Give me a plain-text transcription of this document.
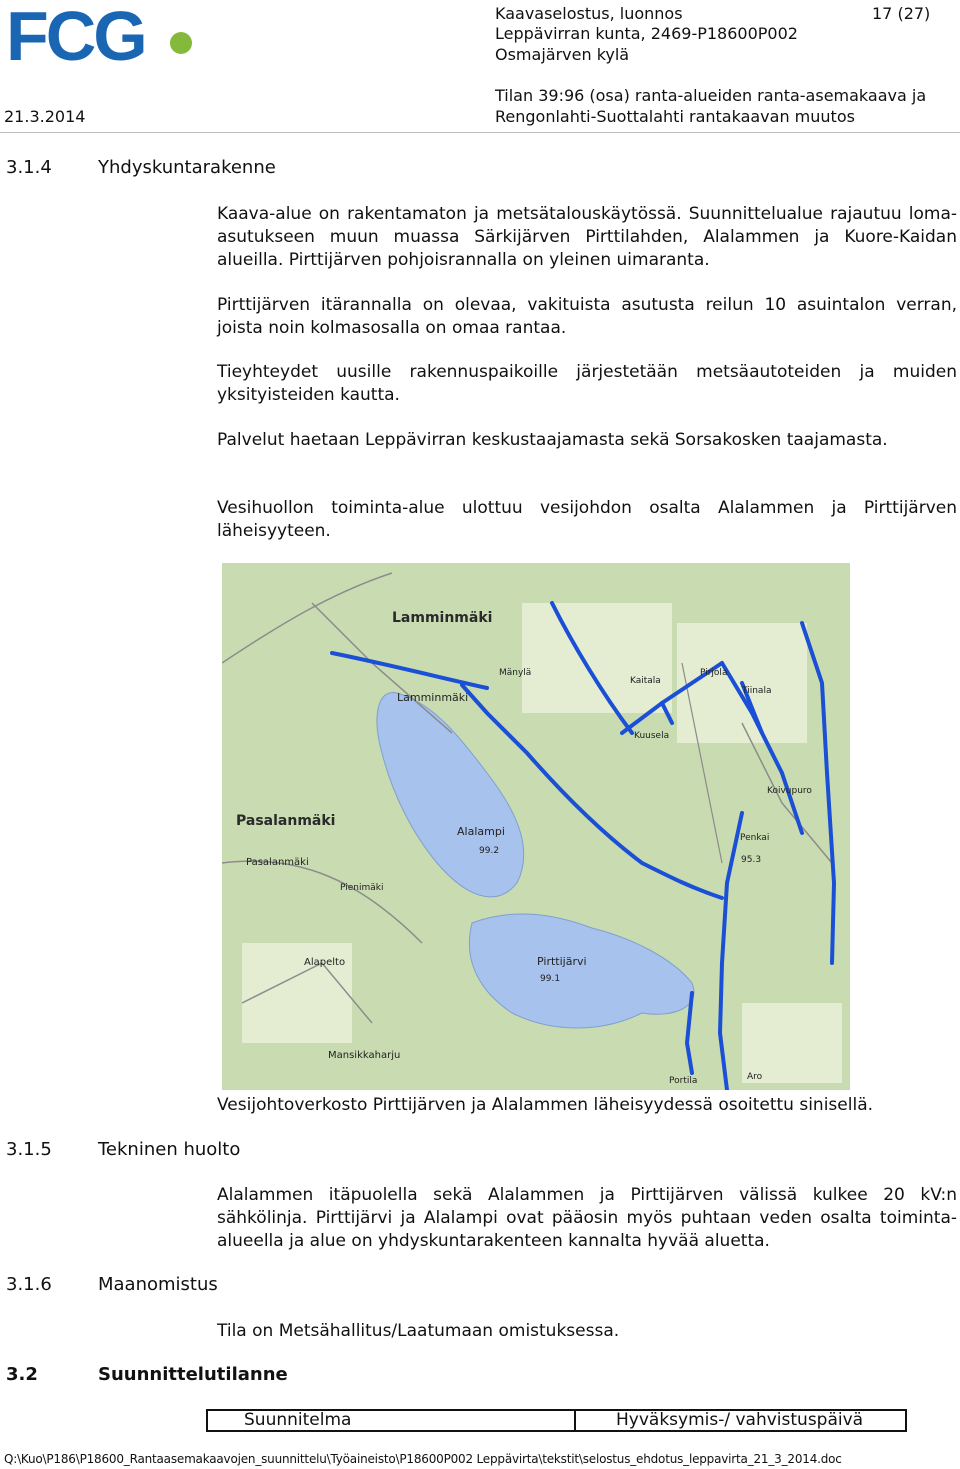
FCG
21.3.2014
Kaavaselostus, luonnos	17 (27)
Leppävirran kunta, 2469-P18600P002
Osmajärven kylä
Tilan 39:96 (osa) ranta-alueiden ranta-asemakaava ja
Rengonlahti-Suottalahti rantakaavan muutos
3.1.4	Yhdyskuntarakenne
Kaava-alue on rakentamaton ja metsätalouskäytössä. Suunnittelualue rajautuu loma-asutukseen muun muassa Särkijärven Pirttilahden, Alalammen ja Kuore-Kaidan alueilla. Pirttijärven pohjoisrannalla on yleinen uimaranta.
Pirttijärven itärannalla on olevaa, vakituista asutusta reilun 10 asuintalon verran, joista noin kolmasosalla on omaa rantaa.
Tieyhteydet uusille rakennuspaikoille järjestetään metsäautoteiden ja muiden yksityisteiden kautta.
Palvelut haetaan Leppävirran keskustaajamasta sekä Sorsakosken taajamasta.
Vesihuollon toiminta-alue ulottuu vesijohdon osalta Alalammen ja Pirttijärven läheisyyteen.
Lamminmäki
Lamminmäki
Mänylä
Kaitala
Pirjola
Tiinala
Kuusela
Koivupuro
Alalampi
99.2
Pasalanmäki
Pasalanmäki
Pienimäki
Penkai
95.3
Pirttijärvi
99.1
Alapelto
Mansikkaharju
Portila	Aro
Vesijohtoverkosto Pirttijärven ja Alalammen läheisyydessä osoitettu sinisellä.
3.1.5	Tekninen huolto
Alalammen itäpuolella sekä Alalammen ja Pirttijärven välissä kulkee 20 kV:n sähkölinja. Pirttijärvi ja Alalampi ovat pääosin myös puhtaan veden osalta toiminta-alueella ja alue on yhdyskuntarakenteen kannalta hyvää aluetta.
3.1.6	Maanomistus
Tila on Metsähallitus/Laatumaan omistuksessa.
3.2	Suunnittelutilanne
Suunnitelma	Hyväksymis-/ vahvistuspäivä
Q:\Kuo\P186\P18600_Rantaasemakaavojen_suunnittelu\Työaineisto\P18600P002 Leppävirta\tekstit\selostus_ehdotus_leppavirta_21_3_2014.doc
